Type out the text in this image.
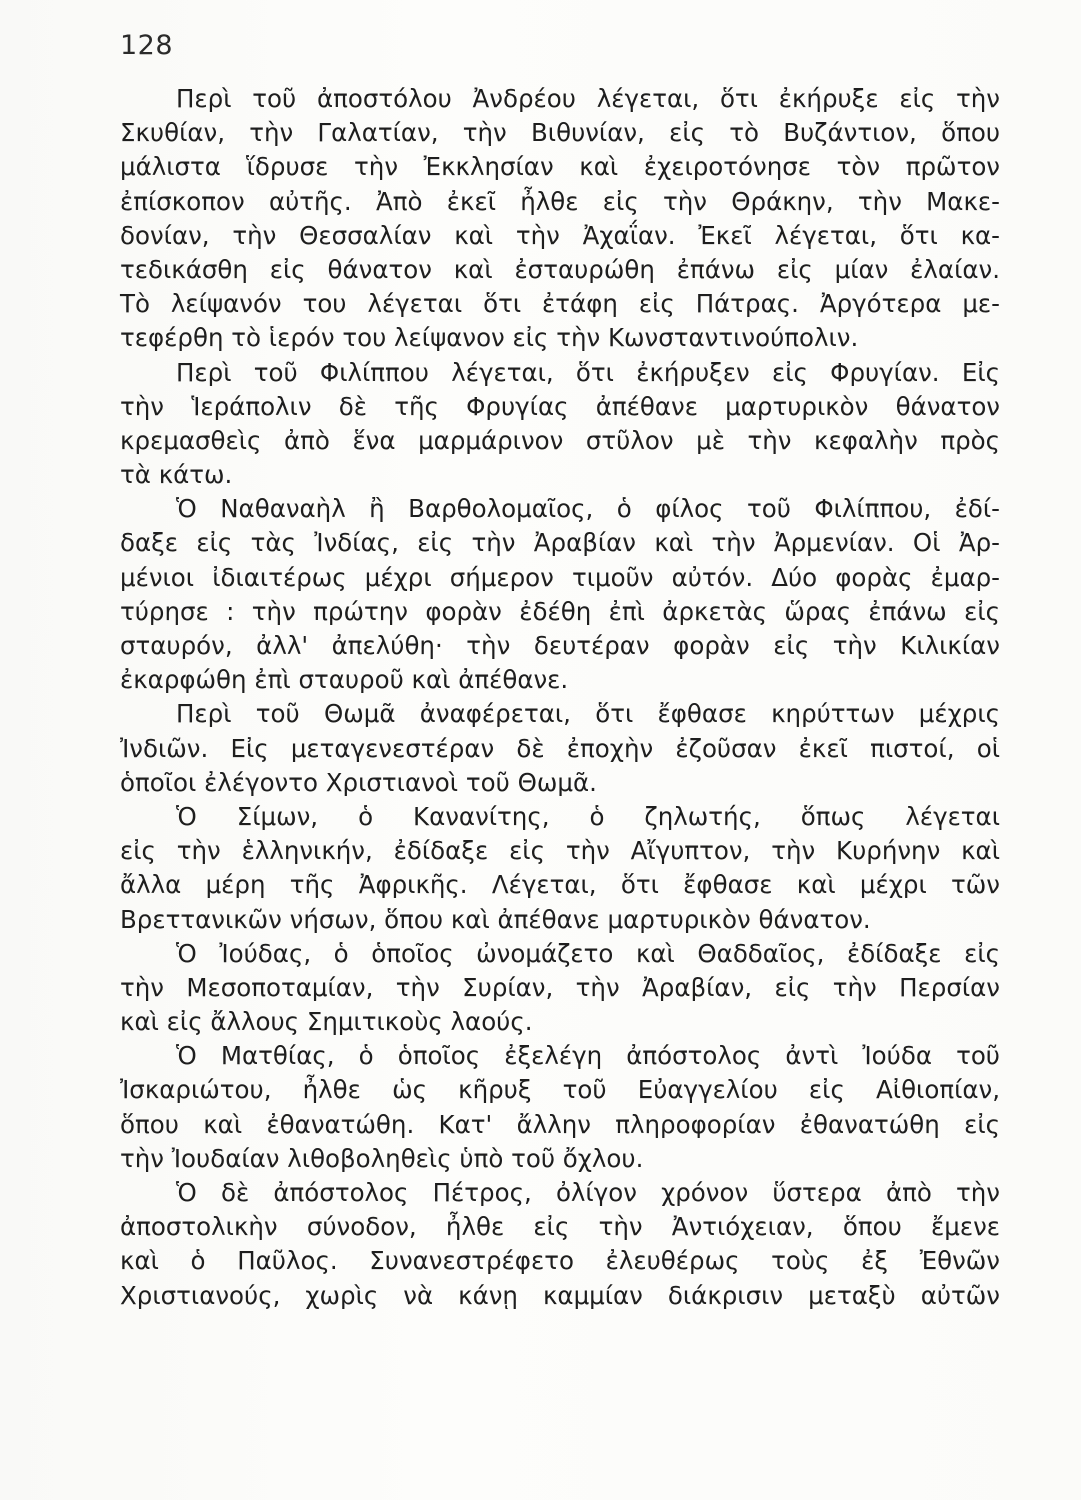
128
Περὶ τοῦ ἀποστόλου Ἀνδρέου λέγεται, ὅτι ἐκήρυξε εἰς τὴν
Σκυθίαν, τὴν Γαλατίαν, τὴν Βιθυνίαν, εἰς τὸ Βυζάντιον, ὅπου
μάλιστα ἵδρυσε τὴν Ἐκκλησίαν καὶ ἐχειροτόνησε τὸν πρῶτον
ἐπίσκοπον αὐτῆς. Ἀπὸ ἐκεῖ ἦλθε εἰς τὴν Θράκην, τὴν Μακε-
δονίαν, τὴν Θεσσαλίαν καὶ τὴν Ἀχαΐαν. Ἐκεῖ λέγεται, ὅτι κα-
τεδικάσθη εἰς θάνατον καὶ ἐσταυρώθη ἐπάνω εἰς μίαν ἐλαίαν.
Τὸ λείψανόν του λέγεται ὅτι ἐτάφη εἰς Πάτρας. Ἀργότερα με-
τεφέρθη τὸ ἱερόν του λείψανον εἰς τὴν Κωνσταντινούπολιν.
Περὶ τοῦ Φιλίππου λέγεται, ὅτι ἐκήρυξεν εἰς Φρυγίαν. Εἰς
τὴν Ἱεράπολιν δὲ τῆς Φρυγίας ἀπέθανε μαρτυρικὸν θάνατον
κρεμασθεὶς ἀπὸ ἕνα μαρμάρινον στῦλον μὲ τὴν κεφαλὴν πρὸς
τὰ κάτω.
Ὁ Ναθαναὴλ ἢ Βαρθολομαῖος, ὁ φίλος τοῦ Φιλίππου, ἐδί-
δαξε εἰς τὰς Ἰνδίας, εἰς τὴν Ἀραβίαν καὶ τὴν Ἀρμενίαν. Οἱ Ἀρ-
μένιοι ἰδιαιτέρως μέχρι σήμερον τιμοῦν αὐτόν. Δύο φορὰς ἐμαρ-
τύρησε : τὴν πρώτην φορὰν ἐδέθη ἐπὶ ἀρκετὰς ὥρας ἐπάνω εἰς
σταυρόν, ἀλλ' ἀπελύθη· τὴν δευτέραν φορὰν εἰς τὴν Κιλικίαν
ἐκαρφώθη ἐπὶ σταυροῦ καὶ ἀπέθανε.
Περὶ τοῦ Θωμᾶ ἀναφέρεται, ὅτι ἔφθασε κηρύττων μέχρις
Ἰνδιῶν. Εἰς μεταγενεστέραν δὲ ἐποχὴν ἐζοῦσαν ἐκεῖ πιστοί, οἱ
ὁποῖοι ἐλέγοντο Χριστιανοὶ τοῦ Θωμᾶ.
Ὁ Σίμων, ὁ Κανανίτης, ὁ ζηλωτής, ὅπως λέγεται
εἰς τὴν ἑλληνικήν, ἐδίδαξε εἰς τὴν Αἴγυπτον, τὴν Κυρήνην καὶ
ἄλλα μέρη τῆς Ἀφρικῆς. Λέγεται, ὅτι ἔφθασε καὶ μέχρι τῶν
Βρεττανικῶν νήσων, ὅπου καὶ ἀπέθανε μαρτυρικὸν θάνατον.
Ὁ Ἰούδας, ὁ ὁποῖος ὠνομάζετο καὶ Θαδδαῖος, ἐδίδαξε εἰς
τὴν Μεσοποταμίαν, τὴν Συρίαν, τὴν Ἀραβίαν, εἰς τὴν Περσίαν
καὶ εἰς ἄλλους Σημιτικοὺς λαούς.
Ὁ Ματθίας, ὁ ὁποῖος ἐξελέγη ἀπόστολος ἀντὶ Ἰούδα τοῦ
Ἰσκαριώτου, ἦλθε ὡς κῆρυξ τοῦ Εὐαγγελίου εἰς Αἰθιοπίαν,
ὅπου καὶ ἐθανατώθη. Κατ' ἄλλην πληροφορίαν ἐθανατώθη εἰς
τὴν Ἰουδαίαν λιθοβοληθεὶς ὑπὸ τοῦ ὄχλου.
Ὁ δὲ ἀπόστολος Πέτρος, ὀλίγον χρόνον ὕστερα ἀπὸ τὴν
ἀποστολικὴν σύνοδον, ἦλθε εἰς τὴν Ἀντιόχειαν, ὅπου ἔμενε
καὶ ὁ Παῦλος. Συνανεστρέφετο ἐλευθέρως τοὺς ἐξ Ἐθνῶν
Χριστιανούς, χωρὶς νὰ κάνῃ καμμίαν διάκρισιν μεταξὺ αὐτῶν
